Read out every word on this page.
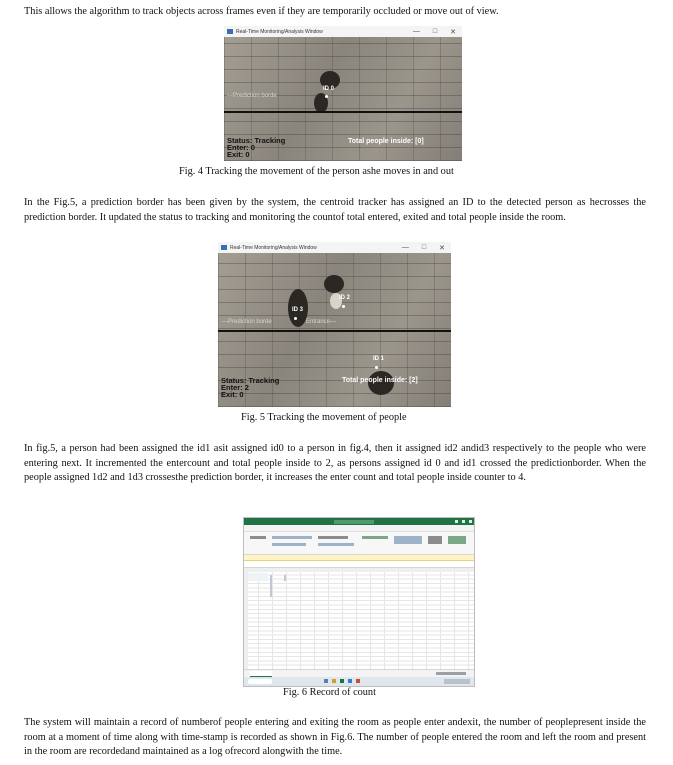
This allows the algorithm to track objects across frames even if they are temporarily occluded or move out of view.

Real-Time Monitoring/Analysis Window	— □ ✕
ID 0
—Prediction borde
Status: Tracking
Enter: 0
Exit: 0
Total people inside: [0]
Fig. 4 Tracking the movement of the person ashe moves in and out

In the Fig.5, a prediction border has been given by the system, the centroid tracker has assigned an ID to the detected person as hecrosses the prediction border. It updated the status to tracking and monitoring the countof total entered, exited and total people inside the room.

Real-Time Monitoring/Analysis Window	— □ ✕
ID 2
ID 3
—Prediction borde	Entrance—
ID 1
Status: Tracking
Enter: 2
Exit: 0
Total people inside: [2]
Fig. 5 Tracking the movement of people

In fig.5, a person had been assigned the id1 asit assigned id0 to a person in fig.4, then it assigned id2 andid3 respectively to the people who were entering next. It incremented the entercount and total people inside to 2, as persons assigned id 0 and id1 crossed the predictionborder. When the people assigned 1d2 and 1d3 crossesthe prediction border, it increases the enter count and total people inside counter to 4.

Fig. 6 Record of count

The system will maintain a record of numberof people entering and exiting the room as people enter andexit, the number of peoplepresent inside the room at a moment of time along with time-stamp is recorded as shown in Fig.6. The number of people entered the room and left the room and present in the room are recordedand maintained as a log ofrecord alongwith the time.
